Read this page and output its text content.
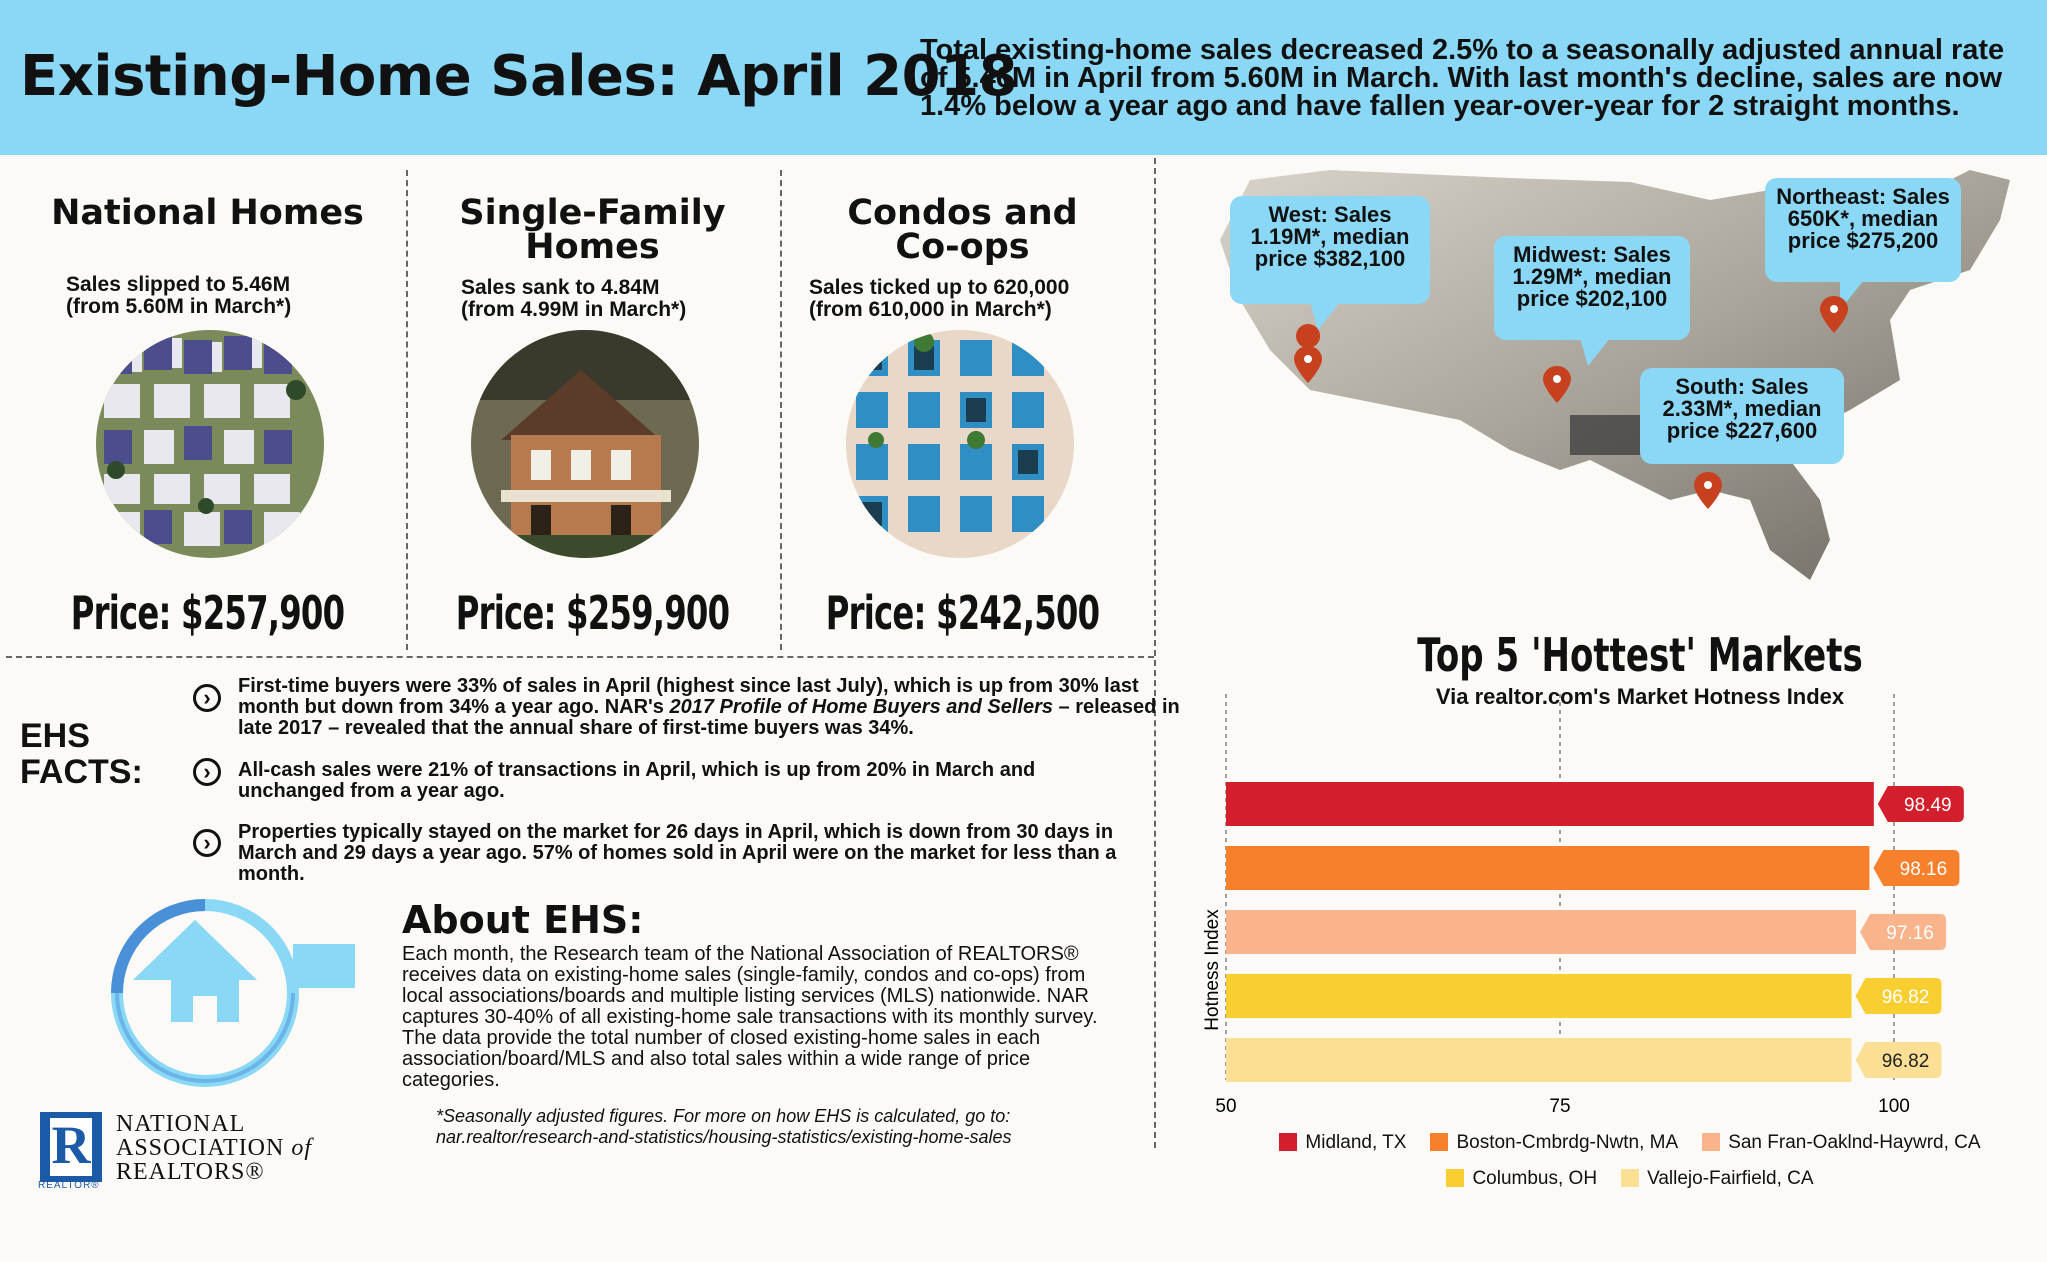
Existing-Home Sales: April 2018
Total existing-home sales decreased 2.5% to a seasonally adjusted annual rate of 5.46M in April from 5.60M in March. With last month's decline, sales are now 1.4% below a year ago and have fallen year-over-year for 2 straight months.
National Homes
Sales slipped to 5.46M
(from 5.60M in March*)
Price: $257,900
Single-Family
Homes
Sales sank to 4.84M
(from 4.99M in March*)
Price: $259,900
Condos and
Co-ops
Sales ticked up to 620,000
(from 610,000 in March*)
Price: $242,500
West: Sales
1.19M*, median
price $382,100	Midwest: Sales
1.29M*, median
price $202,100
Northeast: Sales
650K*, median
price $275,200
South: Sales
2.33M*, median
price $227,600
EHS
FACTS:
›	First-time buyers were 33% of sales in April (highest since last July), which is up from 30% last month but down from 34% a year ago. NAR's 2017 Profile of Home Buyers and Sellers – released in late 2017 – revealed that the annual share of first-time buyers was 34%.
›	All-cash sales were 21% of transactions in April, which is up from 20% in March and unchanged from a year ago.
›	Properties typically stayed on the market for 26 days in April, which is down from 30 days in March and 29 days a year ago. 57% of homes sold in April were on the market for less than a month.
About EHS:
Each month, the Research team of the National Association of REALTORS® receives data on existing-home sales (single-family, condos and co-ops) from local associations/boards and multiple listing services (MLS) nationwide. NAR captures 30-40% of all existing-home sale transactions with its monthly survey. The data provide the total number of closed existing-home sales in each association/board/MLS and also total sales within a wide range of price categories.
*Seasonally adjusted figures. For more on how EHS is calculated, go to:
nar.realtor/research-and-statistics/housing-statistics/existing-home-sales
R
REALTOR®
NATIONAL
ASSOCIATION of
REALTORS®
Top 5 'Hottest' Markets
Via realtor.com's Market Hotness Index
98.49
98.16
97.16
96.82
96.82
50	75	100
Hotness Index
Midland, TX	Boston-Cmbrdg-Nwtn, MA	San Fran-Oaklnd-Haywrd, CA
Columbus, OH	Vallejo-Fairfield, CA
